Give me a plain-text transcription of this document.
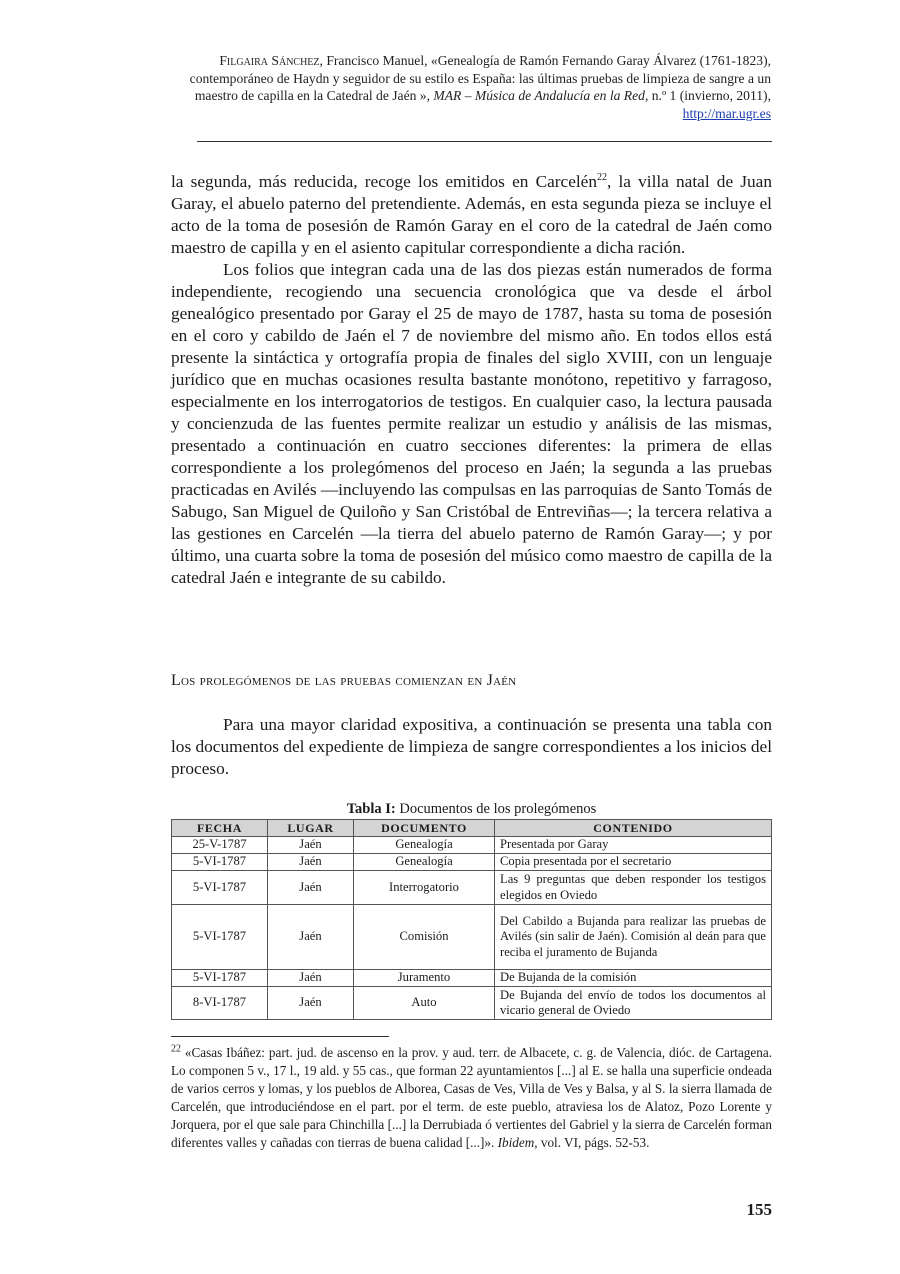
Filgaira Sánchez, Francisco Manuel, «Genealogía de Ramón Fernando Garay Álvarez (1761-1823), contemporáneo de Haydn y seguidor de su estilo es España: las últimas pruebas de limpieza de sangre a un maestro de capilla en la Catedral de Jaén », MAR – Música de Andalucía en la Red, n.º 1 (invierno, 2011), http://mar.ugr.es

la segunda, más reducida, recoge los emitidos en Carcelén$^{22}$, la villa natal de Juan Garay, el abuelo paterno del pretendiente. Además, en esta segunda pieza se incluye el acto de la toma de posesión de Ramón Garay en el coro de la catedral de Jaén como maestro de capilla y en el asiento capitular correspondiente a dicha ración.

Los folios que integran cada una de las dos piezas están numerados de forma independiente, recogiendo una secuencia cronológica que va desde el árbol genealógico presentado por Garay el 25 de mayo de 1787, hasta su toma de posesión en el coro y cabildo de Jaén el 7 de noviembre del mismo año. En todos ellos está presente la sintáctica y ortografía propia de finales del siglo XVIII, con un lenguaje jurídico que en muchas ocasiones resulta bastante monótono, repetitivo y farragoso, especialmente en los interrogatorios de testigos. En cualquier caso, la lectura pausada y concienzuda de las fuentes permite realizar un estudio y análisis de las mismas, presentado a continuación en cuatro secciones diferentes: la primera de ellas correspondiente a los prolegómenos del proceso en Jaén; la segunda a las pruebas practicadas en Avilés —incluyendo las compulsas en las parroquias de Santo Tomás de Sabugo, San Miguel de Quiloño y San Cristóbal de Entreviñas—; la tercera relativa a las gestiones en Carcelén —la tierra del abuelo paterno de Ramón Garay—; y por último, una cuarta sobre la toma de posesión del músico como maestro de capilla de la catedral Jaén e integrante de su cabildo.

Los prolegómenos de las pruebas comienzan en Jaén

Para una mayor claridad expositiva, a continuación se presenta una tabla con los documentos del expediente de limpieza de sangre correspondientes a los inicios del proceso.

Tabla I: Documentos de los prolegómenos
FECHA	LUGAR	DOCUMENTO	CONTENIDO
25-V-1787	Jaén	Genealogía	Presentada por Garay
5-VI-1787	Jaén	Genealogía	Copia presentada por el secretario
5-VI-1787	Jaén	Interrogatorio	Las 9 preguntas que deben responder los testigos elegidos en Oviedo
5-VI-1787	Jaén	Comisión	Del Cabildo a Bujanda para realizar las pruebas de Avilés (sin salir de Jaén). Comisión al deán para que reciba el juramento de Bujanda
5-VI-1787	Jaén	Juramento	De Bujanda de la comisión
8-VI-1787	Jaén	Auto	De Bujanda del envío de todos los documentos al vicario general de Oviedo
$^{22}$ «Casas Ibáñez: part. jud. de ascenso en la prov. y aud. terr. de Albacete, c. g. de Valencia, dióc. de Cartagena. Lo componen 5 v., 17 l., 19 ald. y 55 cas., que forman 22 ayuntamientos [...] al E. se halla una superficie ondeada de varios cerros y lomas, y los pueblos de Alborea, Casas de Ves, Villa de Ves y Balsa, y al S. la sierra llamada de Carcelén, que introduciéndose en el part. por el term. de este pueblo, atraviesa los de Alatoz, Pozo Lorente y Jorquera, por el que sale para Chinchilla [...] la Derrubiada ó vertientes del Gabriel y la sierra de Carcelén forman diferentes valles y cañadas con tierras de buena calidad [...]». Ibidem, vol. VI, págs. 52-53.
155
